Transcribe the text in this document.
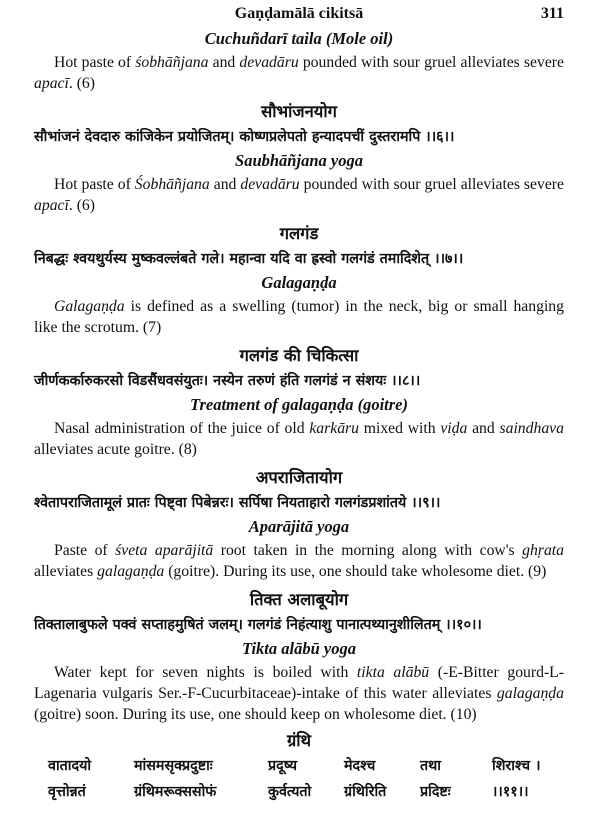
Gaṇḍamālā cikitsā	311

Cuchuñdarī taila (Mole oil)

Hot paste of śobhāñjana and devadāru pounded with sour gruel alleviates severe apacī. (6)

सौभांजनयोग

सौभांजनं देवदारु कांजिकेन प्रयोजितम्। कोष्णप्रलेपतो हन्यादपचीं दुस्तरामपि ।।६।।

Saubhāñjana yoga

Hot paste of Śobhāñjana and devadāru pounded with sour gruel alleviates severe apacī. (6)

गलगंड

निबद्धः श्वयथुर्यस्य मुष्कवल्लंबते गले। महान्वा यदि वा ह्रस्वो गलगंडं तमादिशेत् ।।७।।

Galagaṇḍa

Galagaṇḍa is defined as a swelling (tumor) in the neck, big or small hanging like the scrotum. (7)

गलगंड की चिकित्सा

जीर्णकर्कारुकरसो विडसैंधवसंयुतः। नस्येन तरुणं हंति गलगंडं न संशयः ।।८।।

Treatment of galagaṇḍa (goitre)

Nasal administration of the juice of old karkāru mixed with viḍa and saindhava alleviates acute goitre. (8)

अपराजितायोग

श्वेतापराजितामूलं प्रातः पिष्ट्वा पिबेन्नरः। सर्पिषा नियताहारो गलगंडप्रशांतये ।।९।।

Aparājitā yoga

Paste of śveta aparājitā root taken in the morning along with cow's ghṛata alleviates galagaṇḍa (goitre). During its use, one should take wholesome diet. (9)

तिक्त अलाबूयोग

तिक्तालाबुफले पक्वं सप्ताहमुषितं जलम्। गलगंडं निहंत्याशु पानात्पथ्यानुशीलितम् ।।१०।।

Tikta alābū yoga

Water kept for seven nights is boiled with tikta alābū (-E-Bitter gourd-L-Lagenaria vulgaris Ser.-F-Cucurbitaceae)-intake of this water alleviates galagaṇḍa (goitre) soon. During its use, one should keep on wholesome diet. (10)

ग्रंथि

वातादयो	मांसमसृक्प्रदुष्टाः	प्रदूष्य	मेदश्च	तथा	शिराश्च ।
वृत्तोन्नतं	ग्रंथिमरूक्ससोफं	कुर्वत्यतो	ग्रंथिरिति	प्रदिष्टः	।।११।।
